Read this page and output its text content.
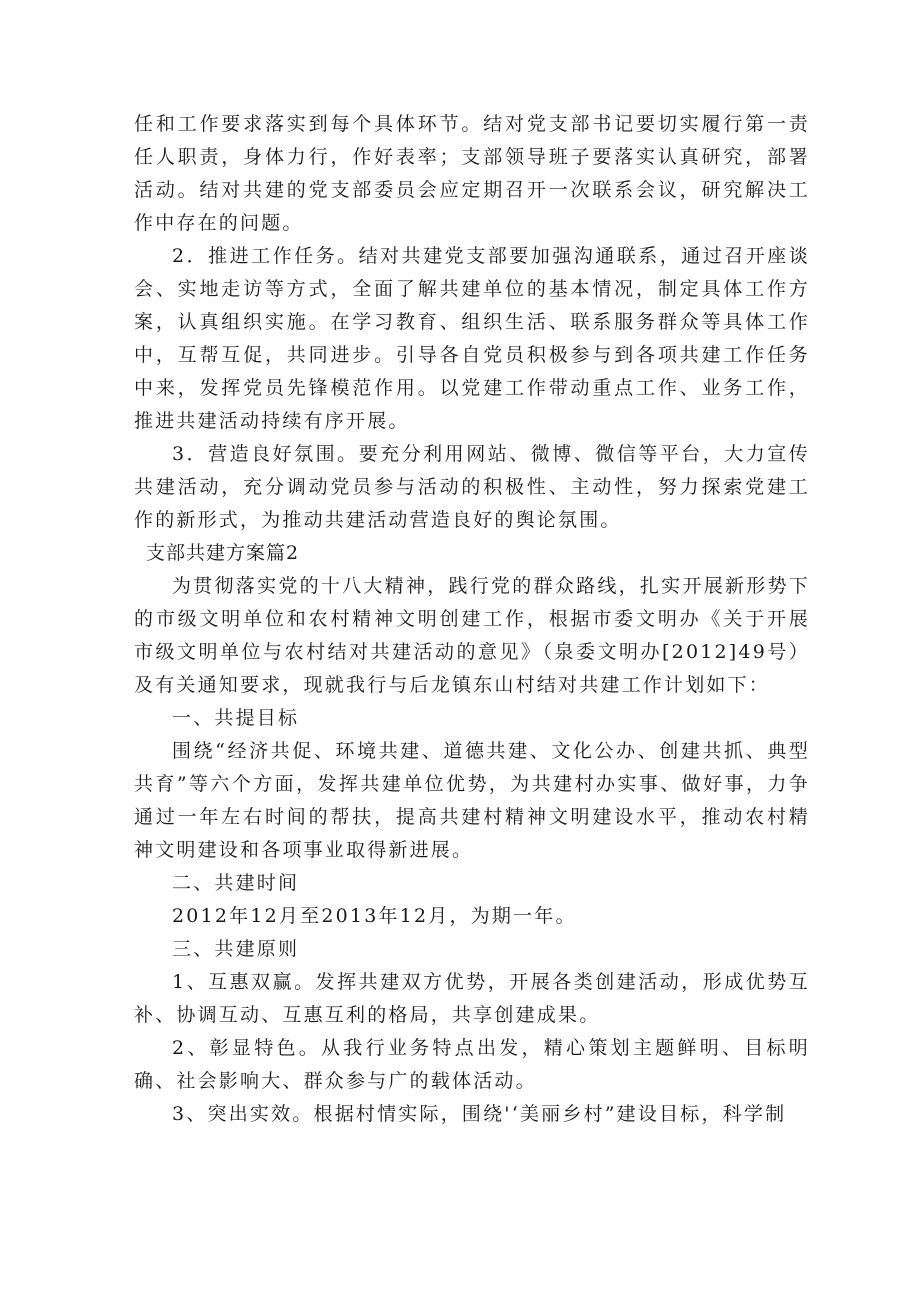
任和工作要求落实到每个具体环节。结对党支部书记要切实履行第一责任人职责，身体力行，作好表率；支部领导班子要落实认真研究，部署活动。结对共建的党支部委员会应定期召开一次联系会议，研究解决工作中存在的问题。

2．推进工作任务。结对共建党支部要加强沟通联系，通过召开座谈会、实地走访等方式，全面了解共建单位的基本情况，制定具体工作方案，认真组织实施。在学习教育、组织生活、联系服务群众等具体工作中，互帮互促，共同进步。引导各自党员积极参与到各项共建工作任务中来，发挥党员先锋模范作用。以党建工作带动重点工作、业务工作，推进共建活动持续有序开展。

3．营造良好氛围。要充分利用网站、微博、微信等平台，大力宣传共建活动，充分调动党员参与活动的积极性、主动性，努力探索党建工作的新形式，为推动共建活动营造良好的舆论氛围。

支部共建方案篇2

为贯彻落实党的十八大精神，践行党的群众路线，扎实开展新形势下的市级文明单位和农村精神文明创建工作，根据市委文明办《关于开展市级文明单位与农村结对共建活动的意见》（泉委文明办[2012]49号）及有关通知要求，现就我行与后龙镇东山村结对共建工作计划如下：

一、共提目标

围绕“经济共促、环境共建、道德共建、文化公办、创建共抓、典型共育”等六个方面，发挥共建单位优势，为共建村办实事、做好事，力争通过一年左右时间的帮扶，提高共建村精神文明建设水平，推动农村精神文明建设和各项事业取得新进展。

二、共建时间

2012年12月至2013年12月，为期一年。

三、共建原则

1、互惠双赢。发挥共建双方优势，开展各类创建活动，形成优势互补、协调互动、互惠互利的格局，共享创建成果。

2、彰显特色。从我行业务特点出发，精心策划主题鲜明、目标明确、社会影响大、群众参与广的载体活动。

3、突出实效。根据村情实际，围绕'‘美丽乡村”建设目标，科学制
